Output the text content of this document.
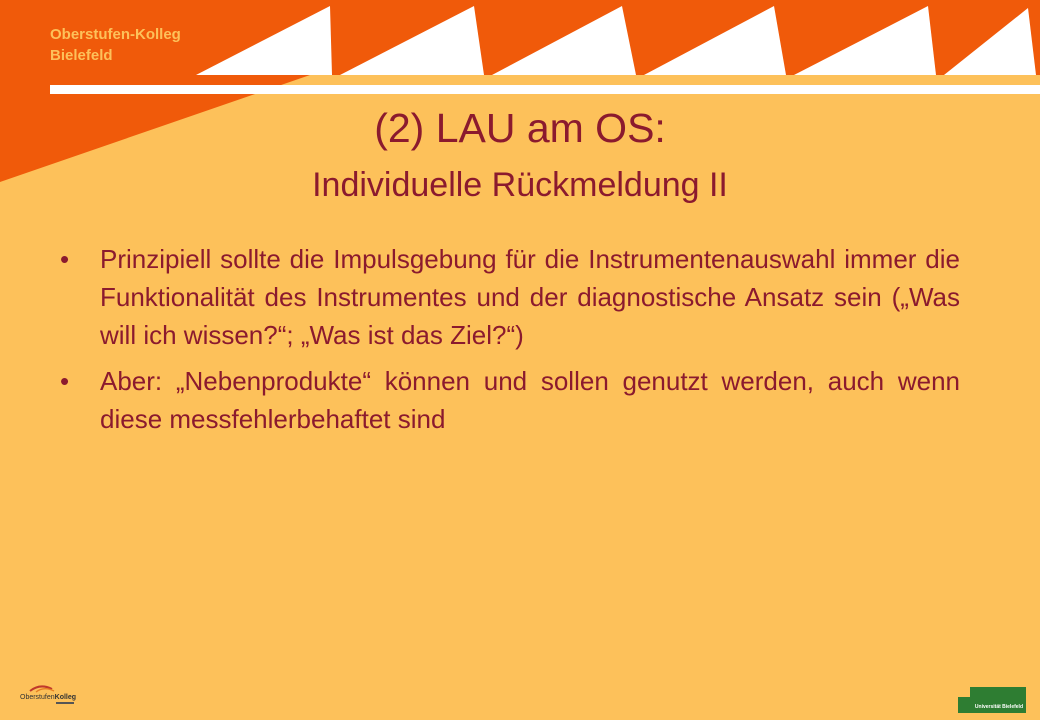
Oberstufen-Kolleg
Bielefeld
(2) LAU am OS:
Individuelle Rückmeldung II
• Prinzipiell sollte die Impulsgebung für die Instrumentenauswahl immer die Funktionalität des Instrumentes und der diagnostische Ansatz sein („Was will ich wissen?“; „Was ist das Ziel?“)
• Aber: „Nebenprodukte“ können und sollen genutzt werden, auch wenn diese messfehlerbehaftet sind
OberstufenKolleg
Universität Bielefeld
